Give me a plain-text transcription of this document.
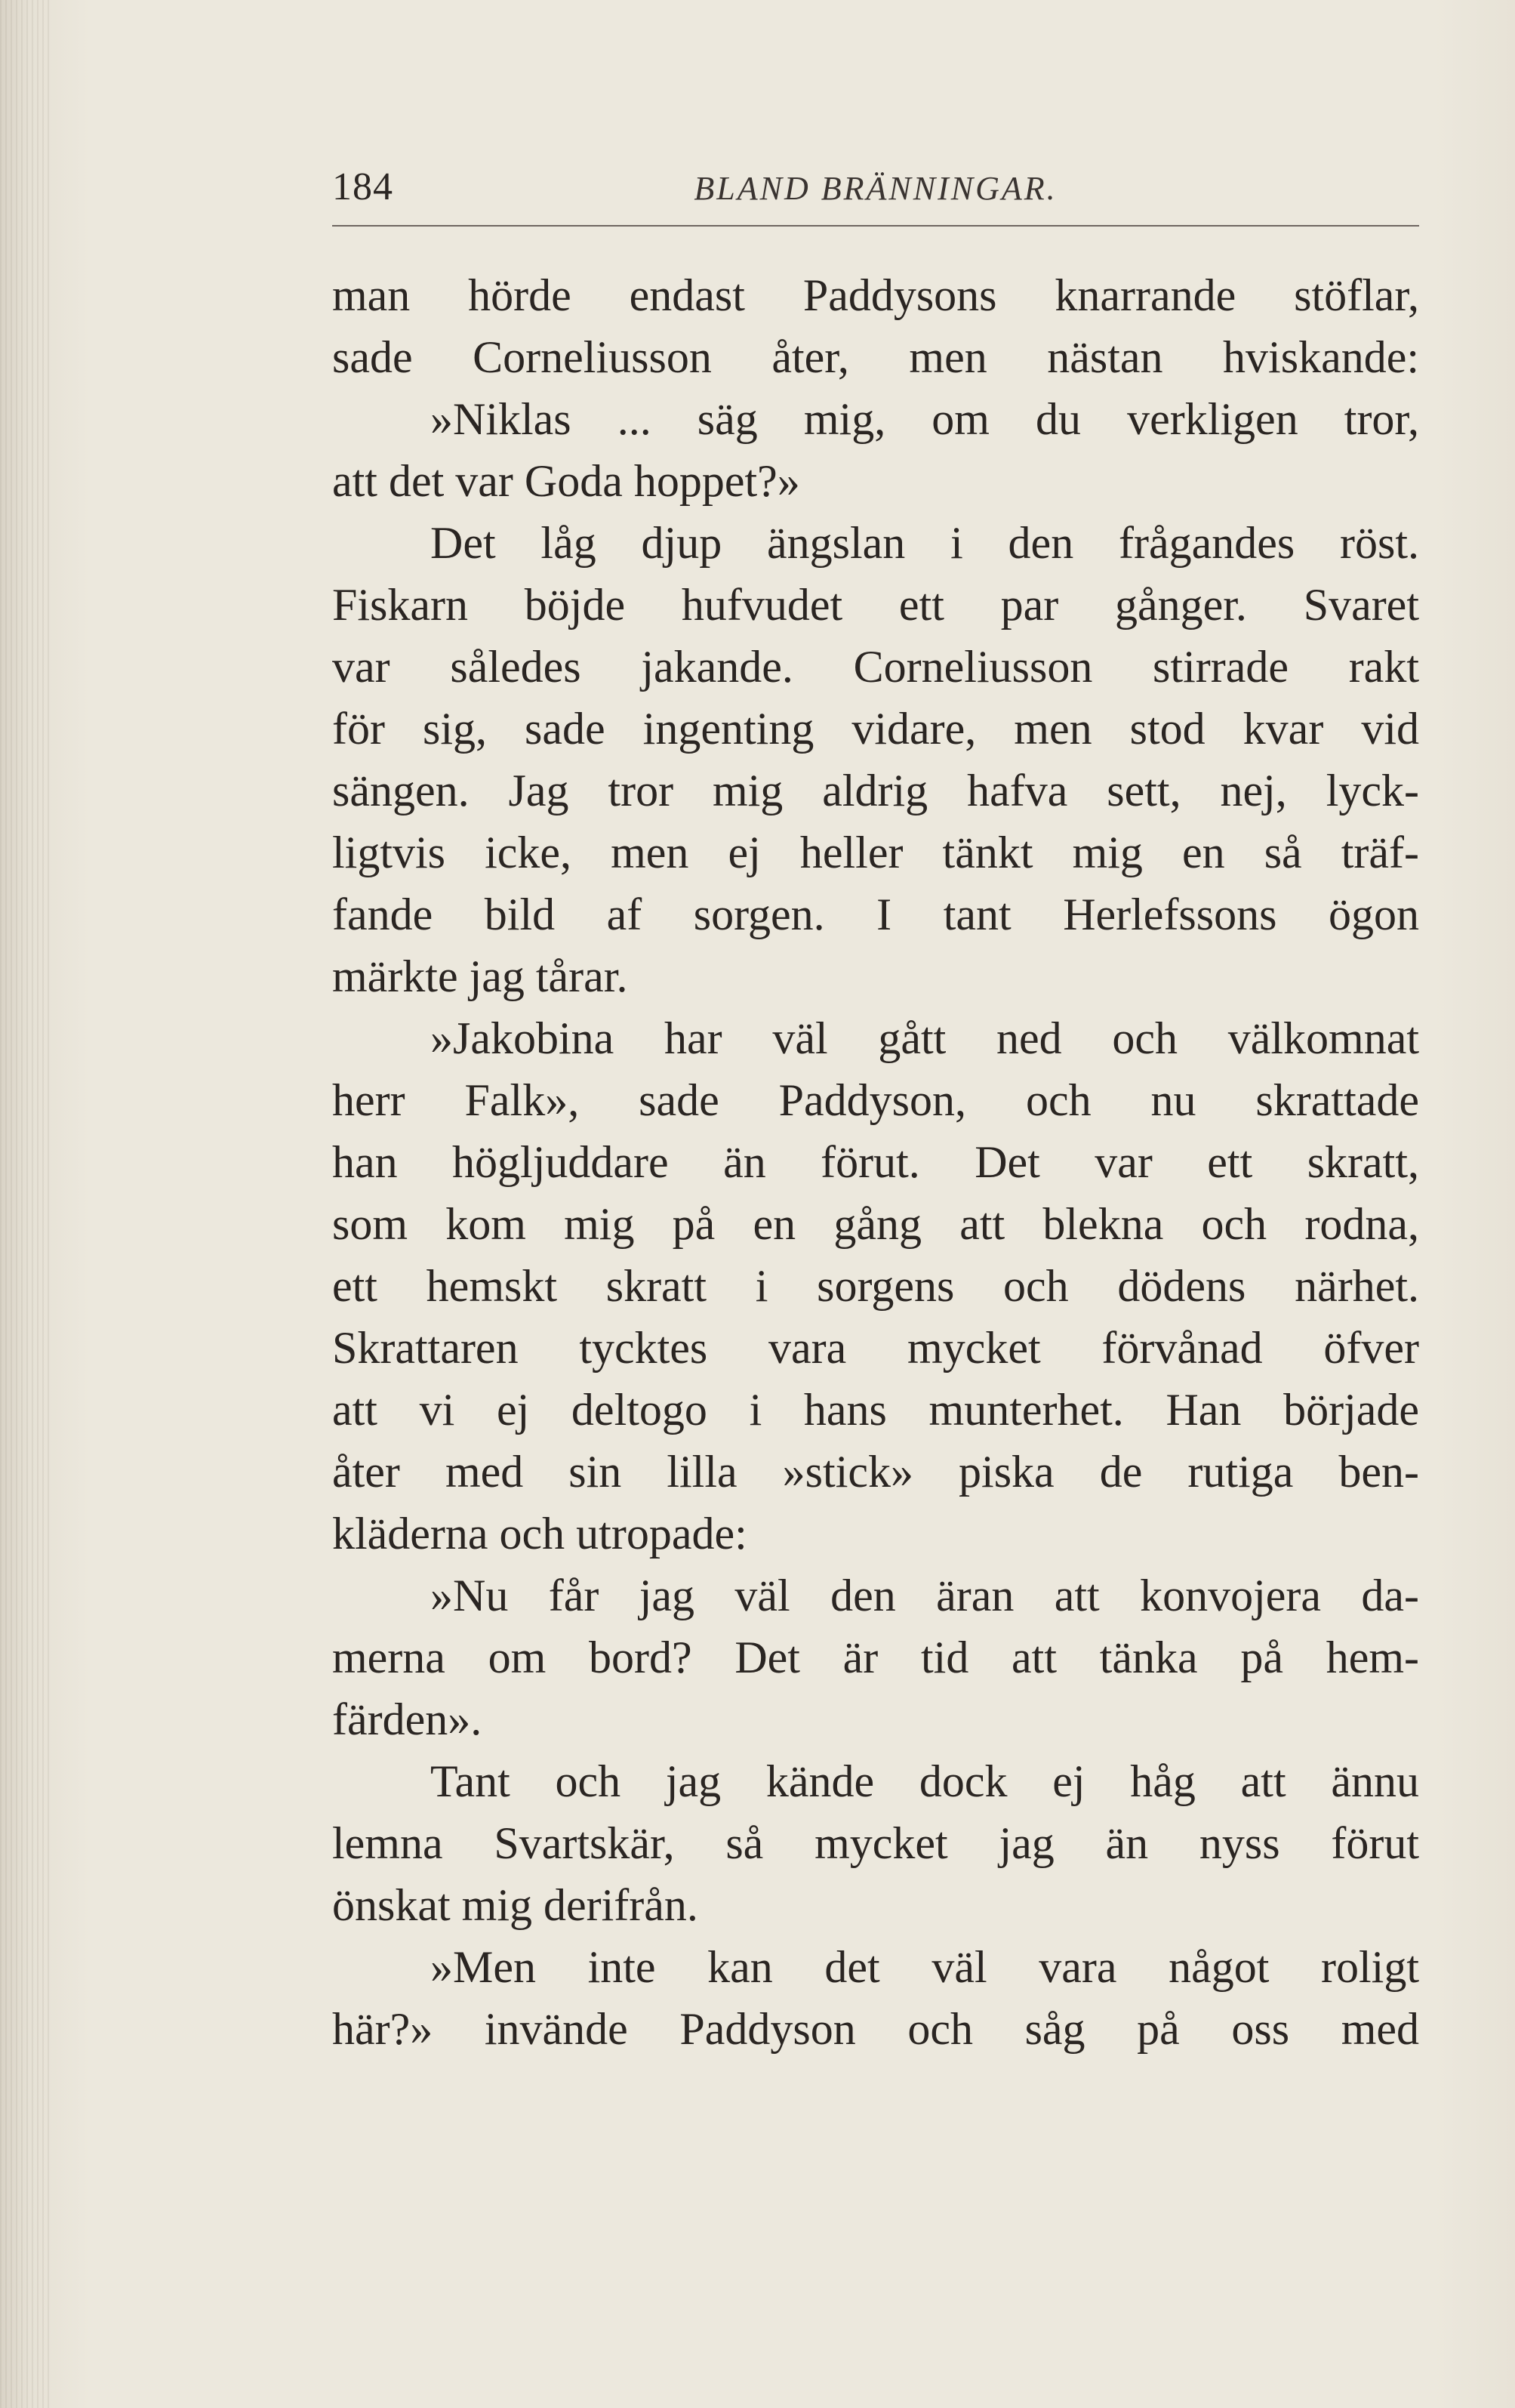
184	BLAND BRÄNNINGAR.
man hörde endast Paddysons knarrande stöflar,
sade Corneliusson åter, men nästan hviskande:
»Niklas ... säg mig, om du verkligen tror,
att det var Goda hoppet?»
Det låg djup ängslan i den frågandes röst.
Fiskarn böjde hufvudet ett par gånger. Svaret
var således jakande. Corneliusson stirrade rakt
för sig, sade ingenting vidare, men stod kvar vid
sängen. Jag tror mig aldrig hafva sett, nej, lyck-
ligtvis icke, men ej heller tänkt mig en så träf-
fande bild af sorgen. I tant Herlefssons ögon
märkte jag tårar.
»Jakobina har väl gått ned och välkomnat
herr Falk», sade Paddyson, och nu skrattade
han högljuddare än förut. Det var ett skratt,
som kom mig på en gång att blekna och rodna,
ett hemskt skratt i sorgens och dödens närhet.
Skrattaren tycktes vara mycket förvånad öfver
att vi ej deltogo i hans munterhet. Han började
åter med sin lilla »stick» piska de rutiga ben-
kläderna och utropade:
»Nu får jag väl den äran att konvojera da-
merna om bord? Det är tid att tänka på hem-
färden».
Tant och jag kände dock ej håg att ännu
lemna Svartskär, så mycket jag än nyss förut
önskat mig derifrån.
»Men inte kan det väl vara något roligt
här?» invände Paddyson och såg på oss med
